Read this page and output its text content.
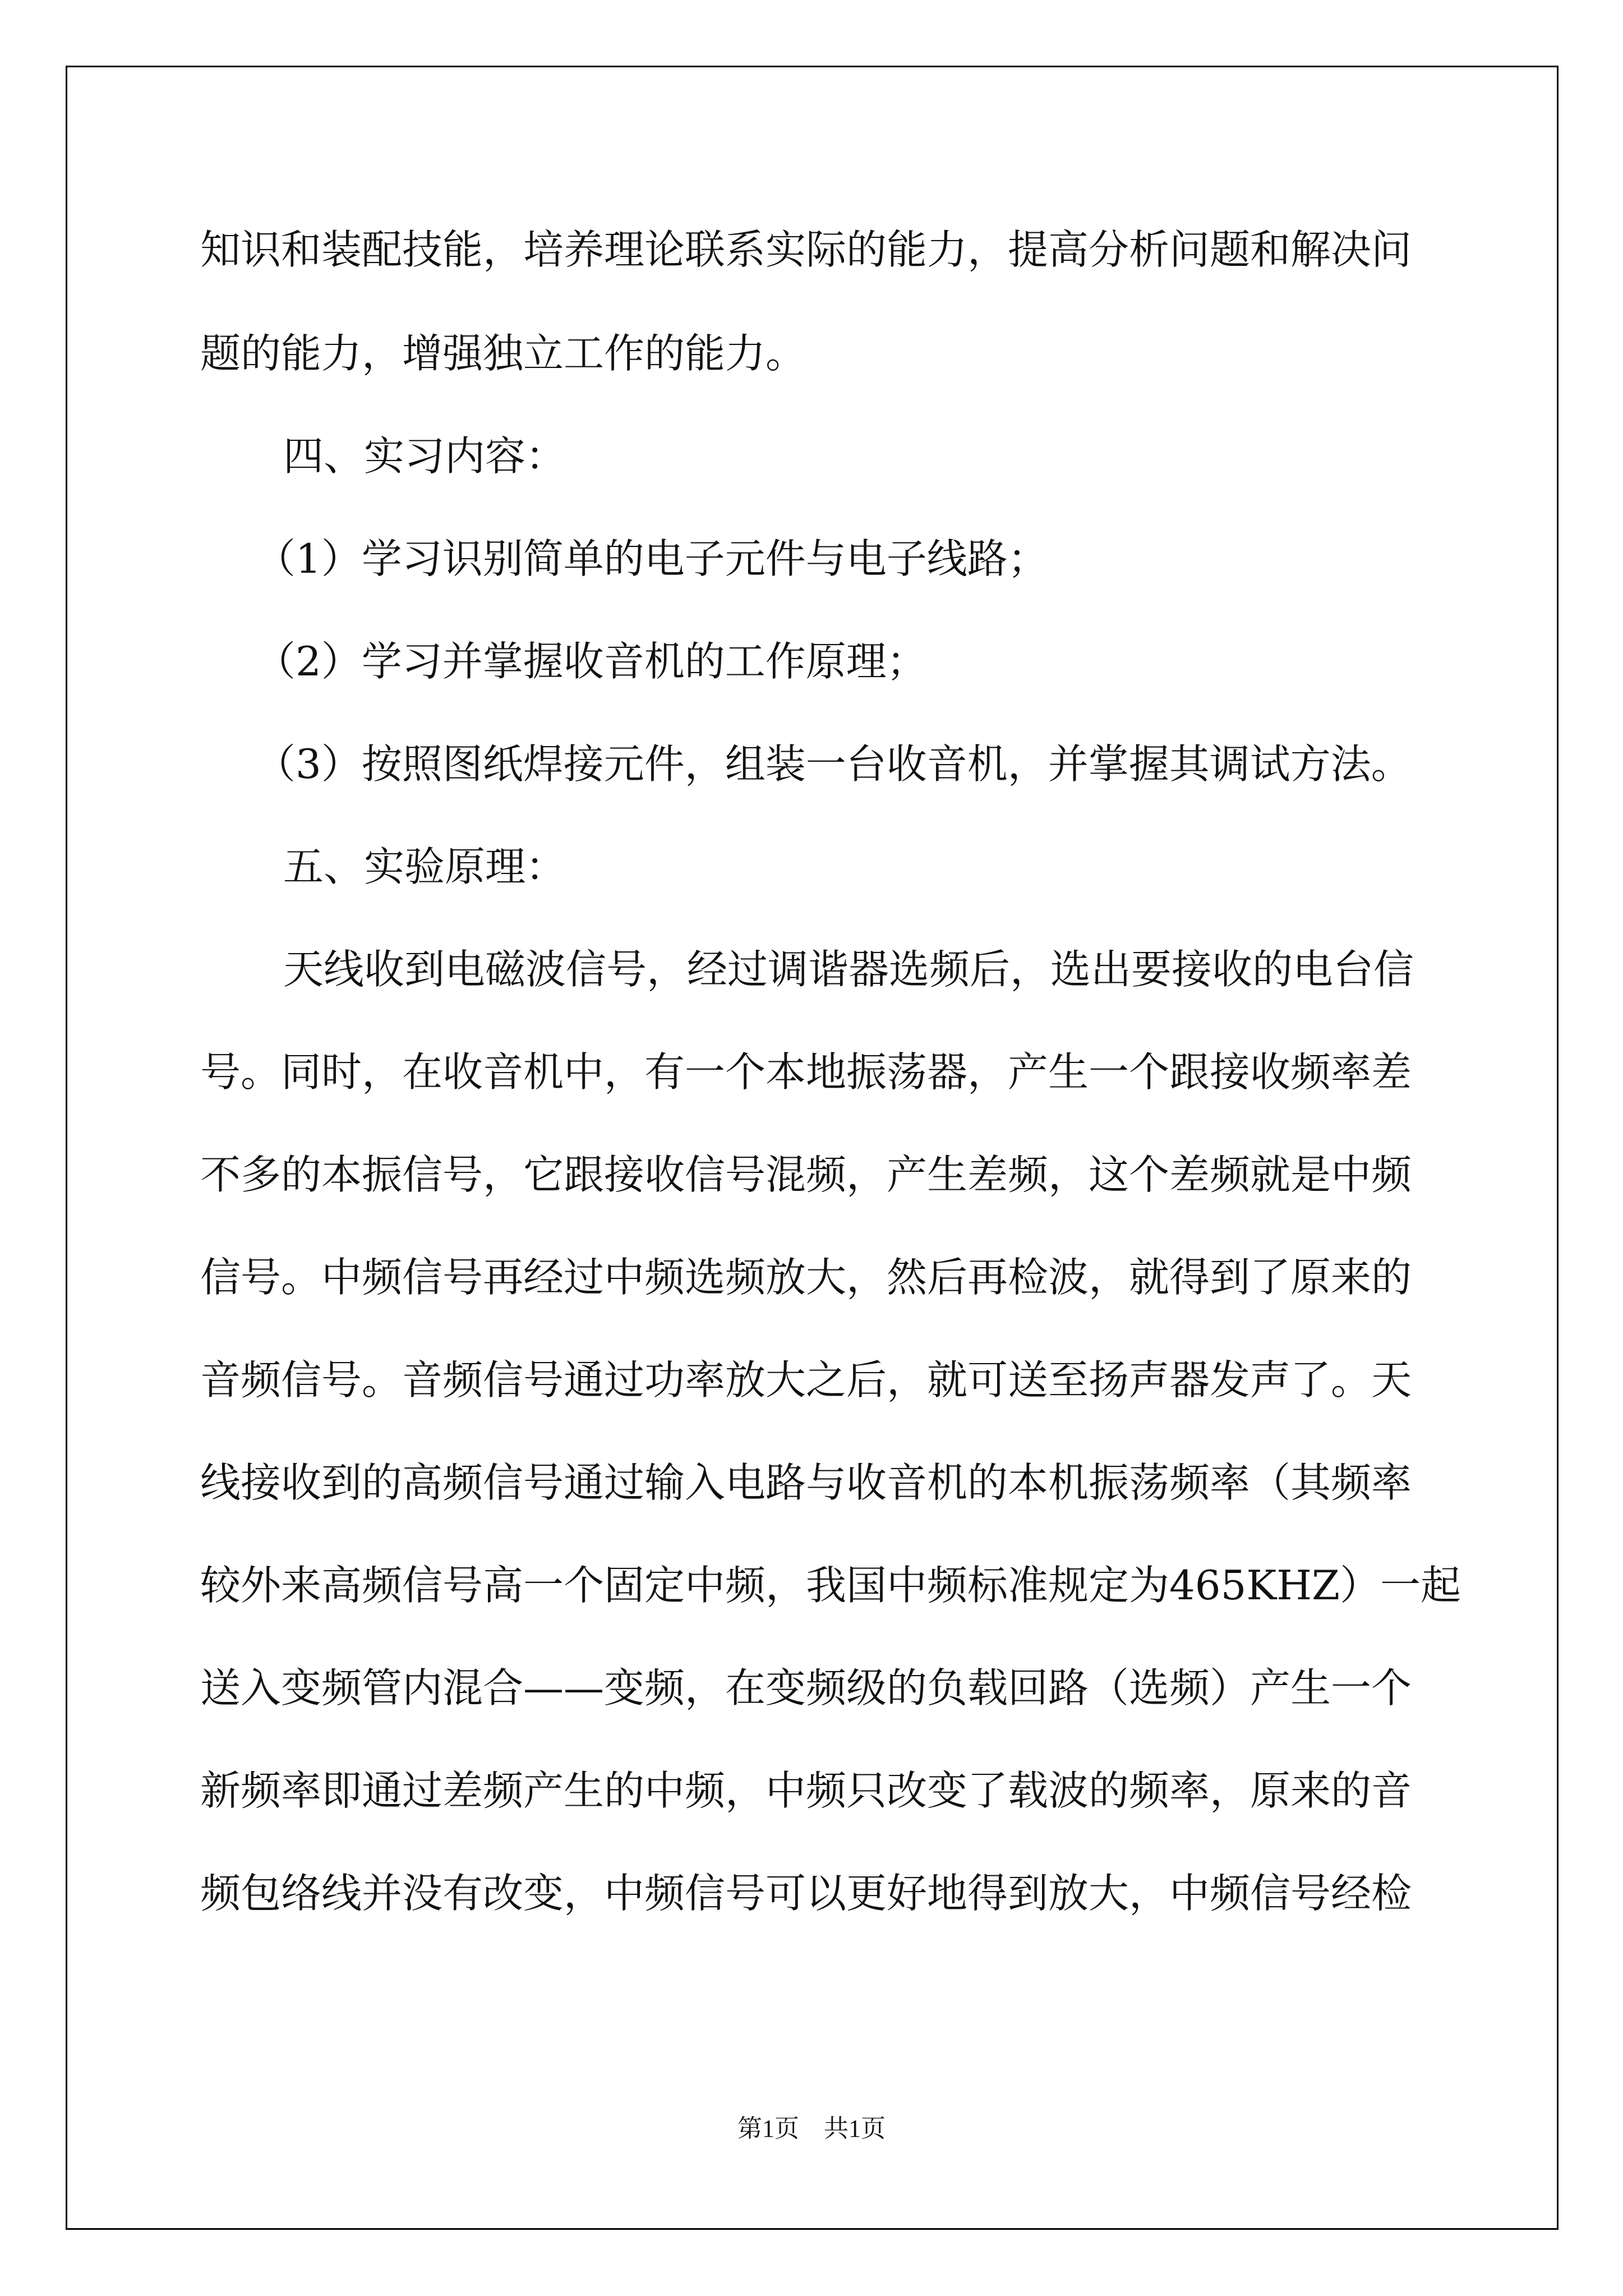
知识和装配技能，培养理论联系实际的能力，提高分析问题和解决问
题的能力，增强独立工作的能力。
四、实习内容：
（1）学习识别简单的电子元件与电子线路；
（2）学习并掌握收音机的工作原理；
（3）按照图纸焊接元件，组装一台收音机，并掌握其调试方法。
五、实验原理：
天线收到电磁波信号，经过调谐器选频后，选出要接收的电台信
号。同时，在收音机中，有一个本地振荡器，产生一个跟接收频率差
不多的本振信号，它跟接收信号混频，产生差频，这个差频就是中频
信号。中频信号再经过中频选频放大，然后再检波，就得到了原来的
音频信号。音频信号通过功率放大之后，就可送至扬声器发声了。天
线接收到的高频信号通过输入电路与收音机的本机振荡频率（其频率
较外来高频信号高一个固定中频，我国中频标准规定为465KHZ）一起
送入变频管内混合——变频，在变频级的负载回路（选频）产生一个
新频率即通过差频产生的中频，中频只改变了载波的频率，原来的音
频包络线并没有改变，中频信号可以更好地得到放大，中频信号经检
第1页　共1页
